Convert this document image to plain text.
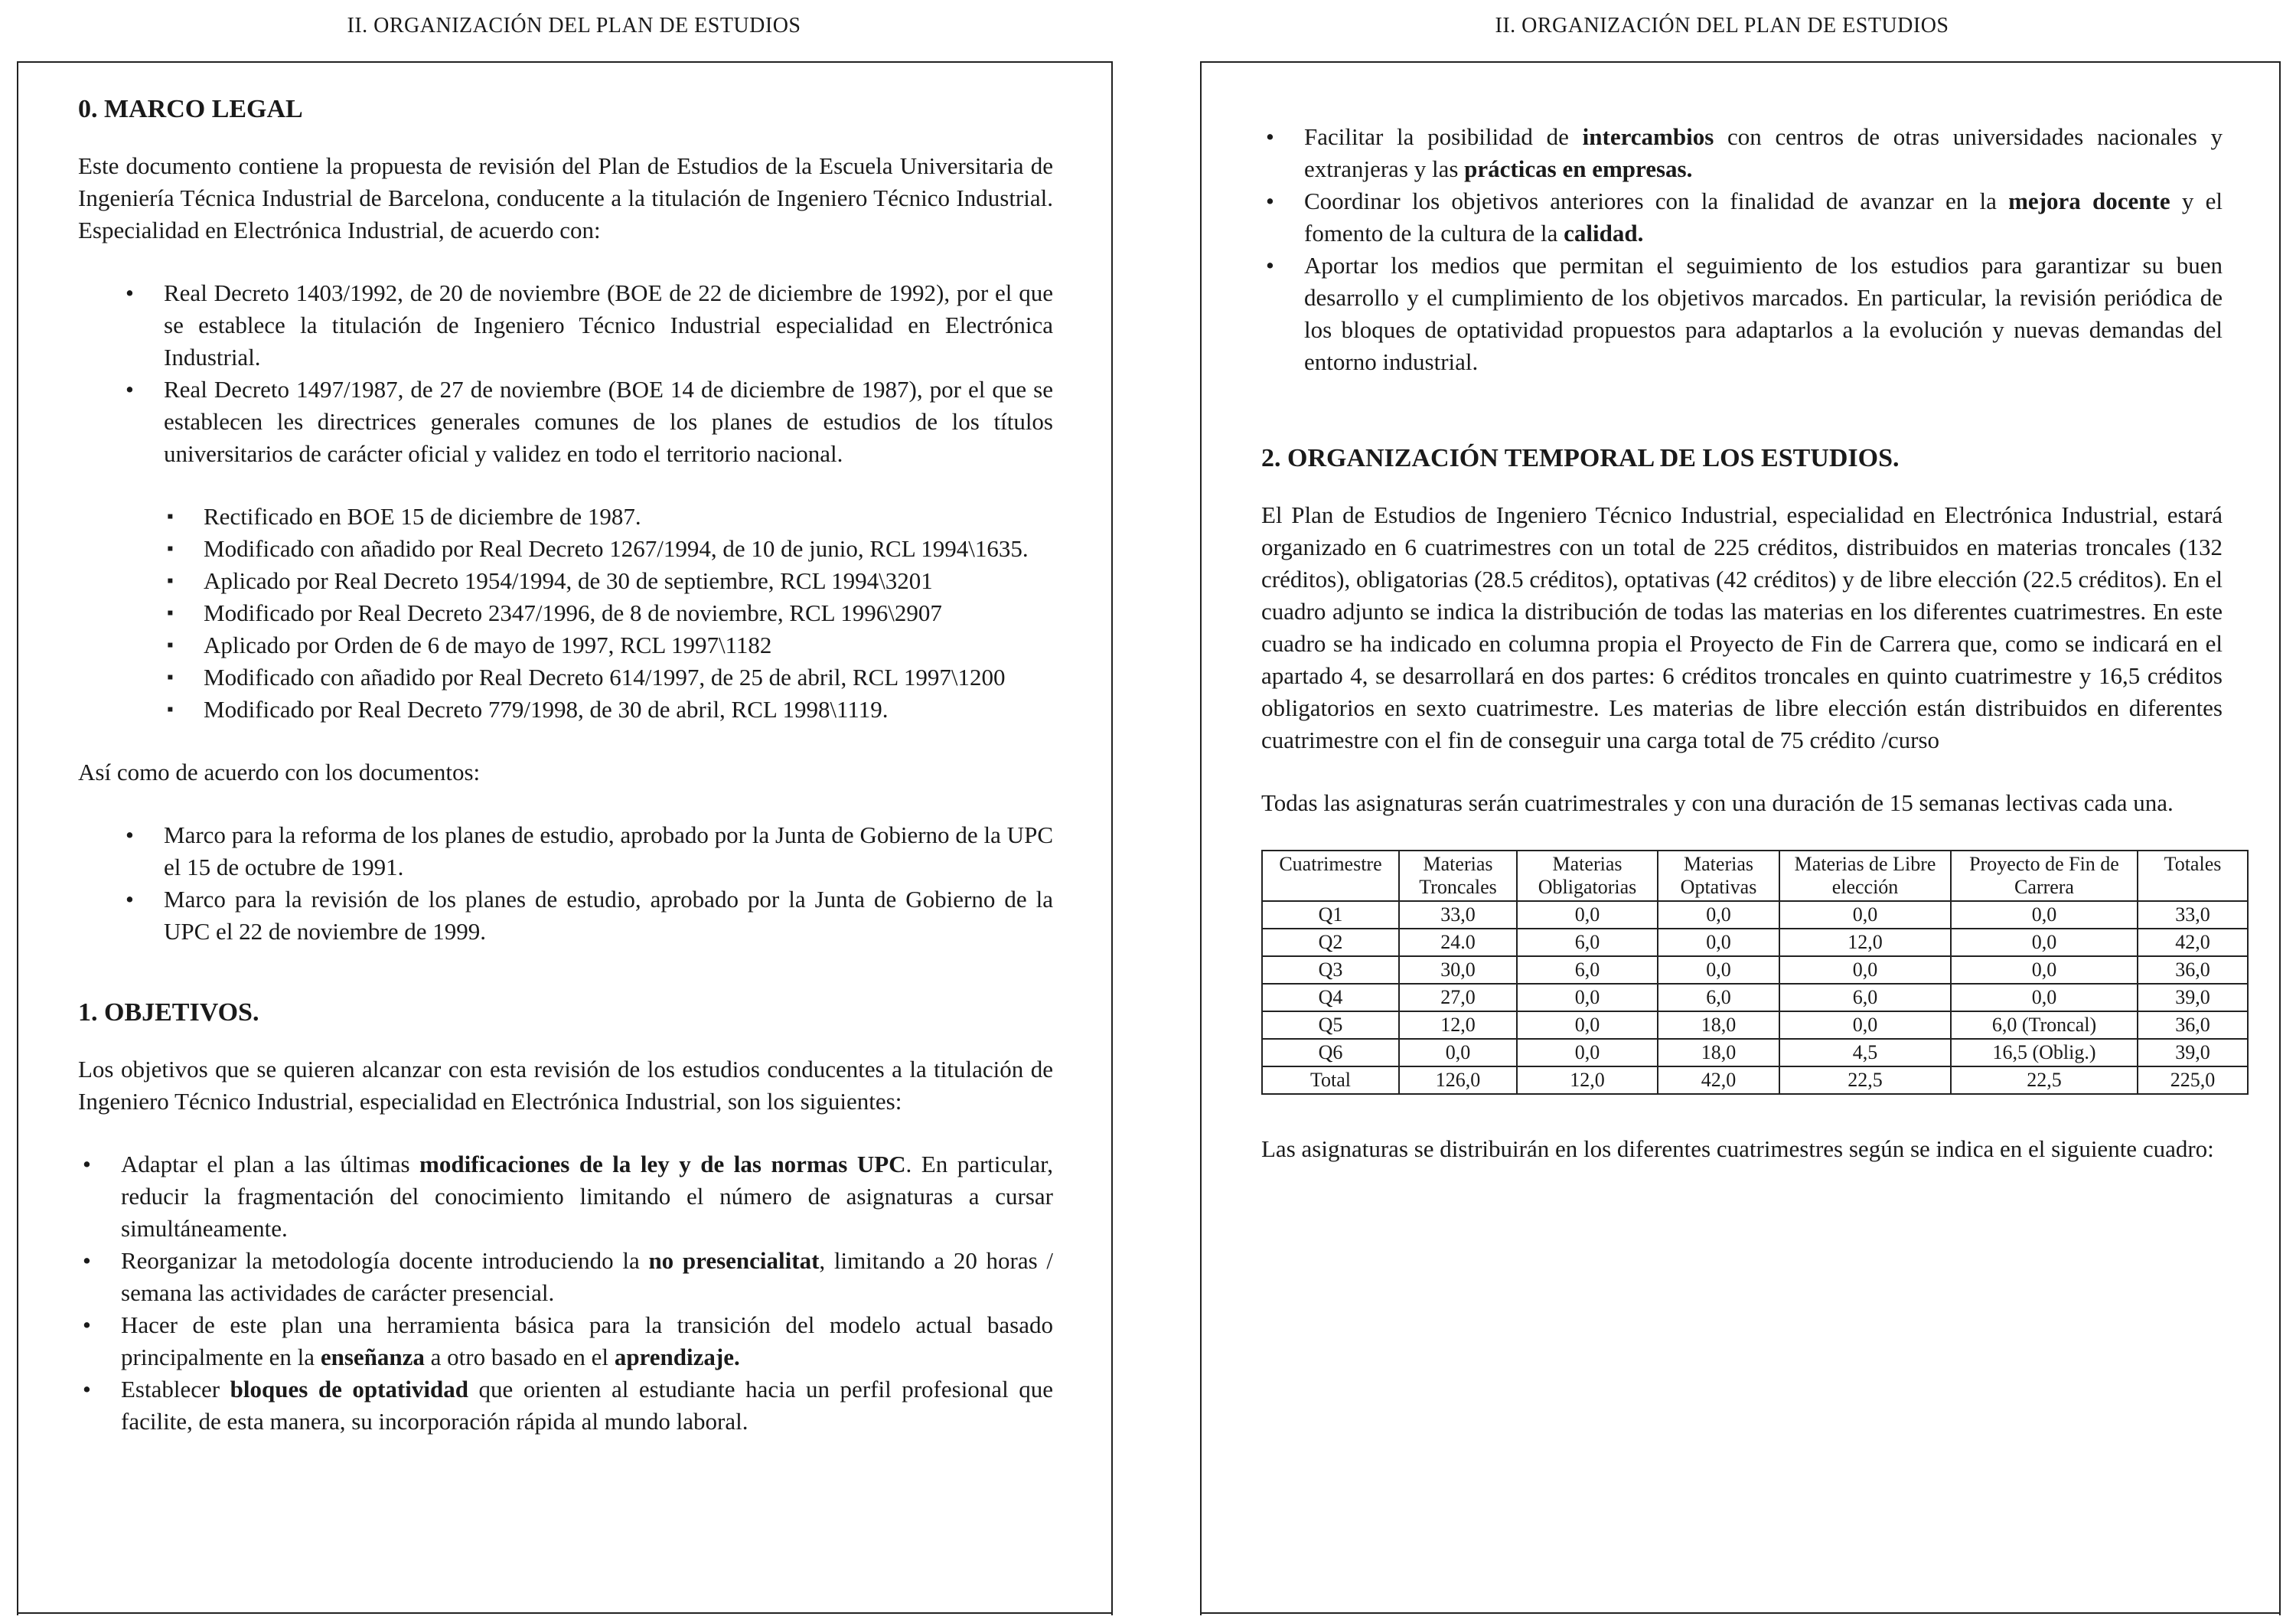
II. ORGANIZACIÓN DEL PLAN DE ESTUDIOS
0. MARCO LEGAL

Este documento contiene la propuesta de revisión del Plan de Estudios de la Escuela Universitaria de Ingeniería Técnica Industrial de Barcelona, conducente a la titulación de Ingeniero Técnico Industrial. Especialidad en Electrónica Industrial, de acuerdo con:

• Real Decreto 1403/1992, de 20 de noviembre (BOE de 22 de diciembre de 1992), por el que se establece la titulación de Ingeniero Técnico Industrial especialidad en Electrónica Industrial.
• Real Decreto 1497/1987, de 27 de noviembre (BOE 14 de diciembre de 1987), por el que se establecen les directrices generales comunes de los planes de estudios de los títulos universitarios de carácter oficial y validez en todo el territorio nacional.
▪ Rectificado en BOE 15 de diciembre de 1987.
▪ Modificado con añadido por Real Decreto 1267/1994, de 10 de junio, RCL 1994\1635.
▪ Aplicado por Real Decreto 1954/1994, de 30 de septiembre, RCL 1994\3201
▪ Modificado por Real Decreto 2347/1996, de 8 de noviembre, RCL 1996\2907
▪ Aplicado por Orden de 6 de mayo de 1997, RCL 1997\1182
▪ Modificado con añadido por Real Decreto 614/1997, de 25 de abril, RCL 1997\1200
▪ Modificado por Real Decreto 779/1998, de 30 de abril, RCL 1998\1119.

Así como de acuerdo con los documentos:

• Marco para la reforma de los planes de estudio, aprobado por la Junta de Gobierno de la UPC el 15 de octubre de 1991.
• Marco para la revisión de los planes de estudio, aprobado por la Junta de Gobierno de la UPC el 22 de noviembre de 1999.
1. OBJETIVOS.

Los objetivos que se quieren alcanzar con esta revisión de los estudios conducentes a la titulación de Ingeniero Técnico Industrial, especialidad en Electrónica Industrial, son los siguientes:

• Adaptar el plan a las últimas modificaciones de la ley y de las normas UPC. En particular, reducir la fragmentación del conocimiento limitando el número de asignaturas a cursar simultáneamente.
• Reorganizar la metodología docente introduciendo la no presencialitat, limitando a 20 horas / semana las actividades de carácter presencial.
• Hacer de este plan una herramienta básica para la transición del modelo actual basado principalmente en la enseñanza a otro basado en el aprendizaje.
• Establecer bloques de optatividad que orienten al estudiante hacia un perfil profesional que facilite, de esta manera, su incorporación rápida al mundo laboral.
II. ORGANIZACIÓN DEL PLAN DE ESTUDIOS
• Facilitar la posibilidad de intercambios con centros de otras universidades nacionales y extranjeras y las prácticas en empresas.
• Coordinar los objetivos anteriores con la finalidad de avanzar en la mejora docente y el fomento de la cultura de la calidad.
• Aportar los medios que permitan el seguimiento de los estudios para garantizar su buen desarrollo y el cumplimiento de los objetivos marcados. En particular, la revisión periódica de los bloques de optatividad propuestos para adaptarlos a la evolución y nuevas demandas del entorno industrial.
2. ORGANIZACIÓN TEMPORAL DE LOS ESTUDIOS.

El Plan de Estudios de Ingeniero Técnico Industrial, especialidad en Electrónica Industrial, estará organizado en 6 cuatrimestres con un total de 225 créditos, distribuidos en materias troncales (132 créditos), obligatorias (28.5 créditos), optativas (42 créditos) y de libre elección (22.5 créditos). En el cuadro adjunto se indica la distribución de todas las materias en los diferentes cuatrimestres. En este cuadro se ha indicado en columna propia el Proyecto de Fin de Carrera que, como se indicará en el apartado 4, se desarrollará en dos partes: 6 créditos troncales en quinto cuatrimestre y 16,5 créditos obligatorios en sexto cuatrimestre. Les materias de libre elección están distribuidos en diferentes cuatrimestre con el fin de conseguir una carga total de 75 crédito /curso

Todas las asignaturas serán cuatrimestrales y con una duración de 15 semanas lectivas cada una.

Cuatrimestre	Materias Troncales	Materias Obligatorias	Materias Optativas	Materias de Libre elección	Proyecto de Fin de Carrera	Totales
Q1	33,0	0,0	0,0	0,0	0,0	33,0
Q2	24.0	6,0	0,0	12,0	0,0	42,0
Q3	30,0	6,0	0,0	0,0	0,0	36,0
Q4	27,0	0,0	6,0	6,0	0,0	39,0
Q5	12,0	0,0	18,0	0,0	6,0 (Troncal)	36,0
Q6	0,0	0,0	18,0	4,5	16,5 (Oblig.)	39,0
Total	126,0	12,0	42,0	22,5	22,5	225,0

Las asignaturas se distribuirán en los diferentes cuatrimestres según se indica en el siguiente cuadro:
